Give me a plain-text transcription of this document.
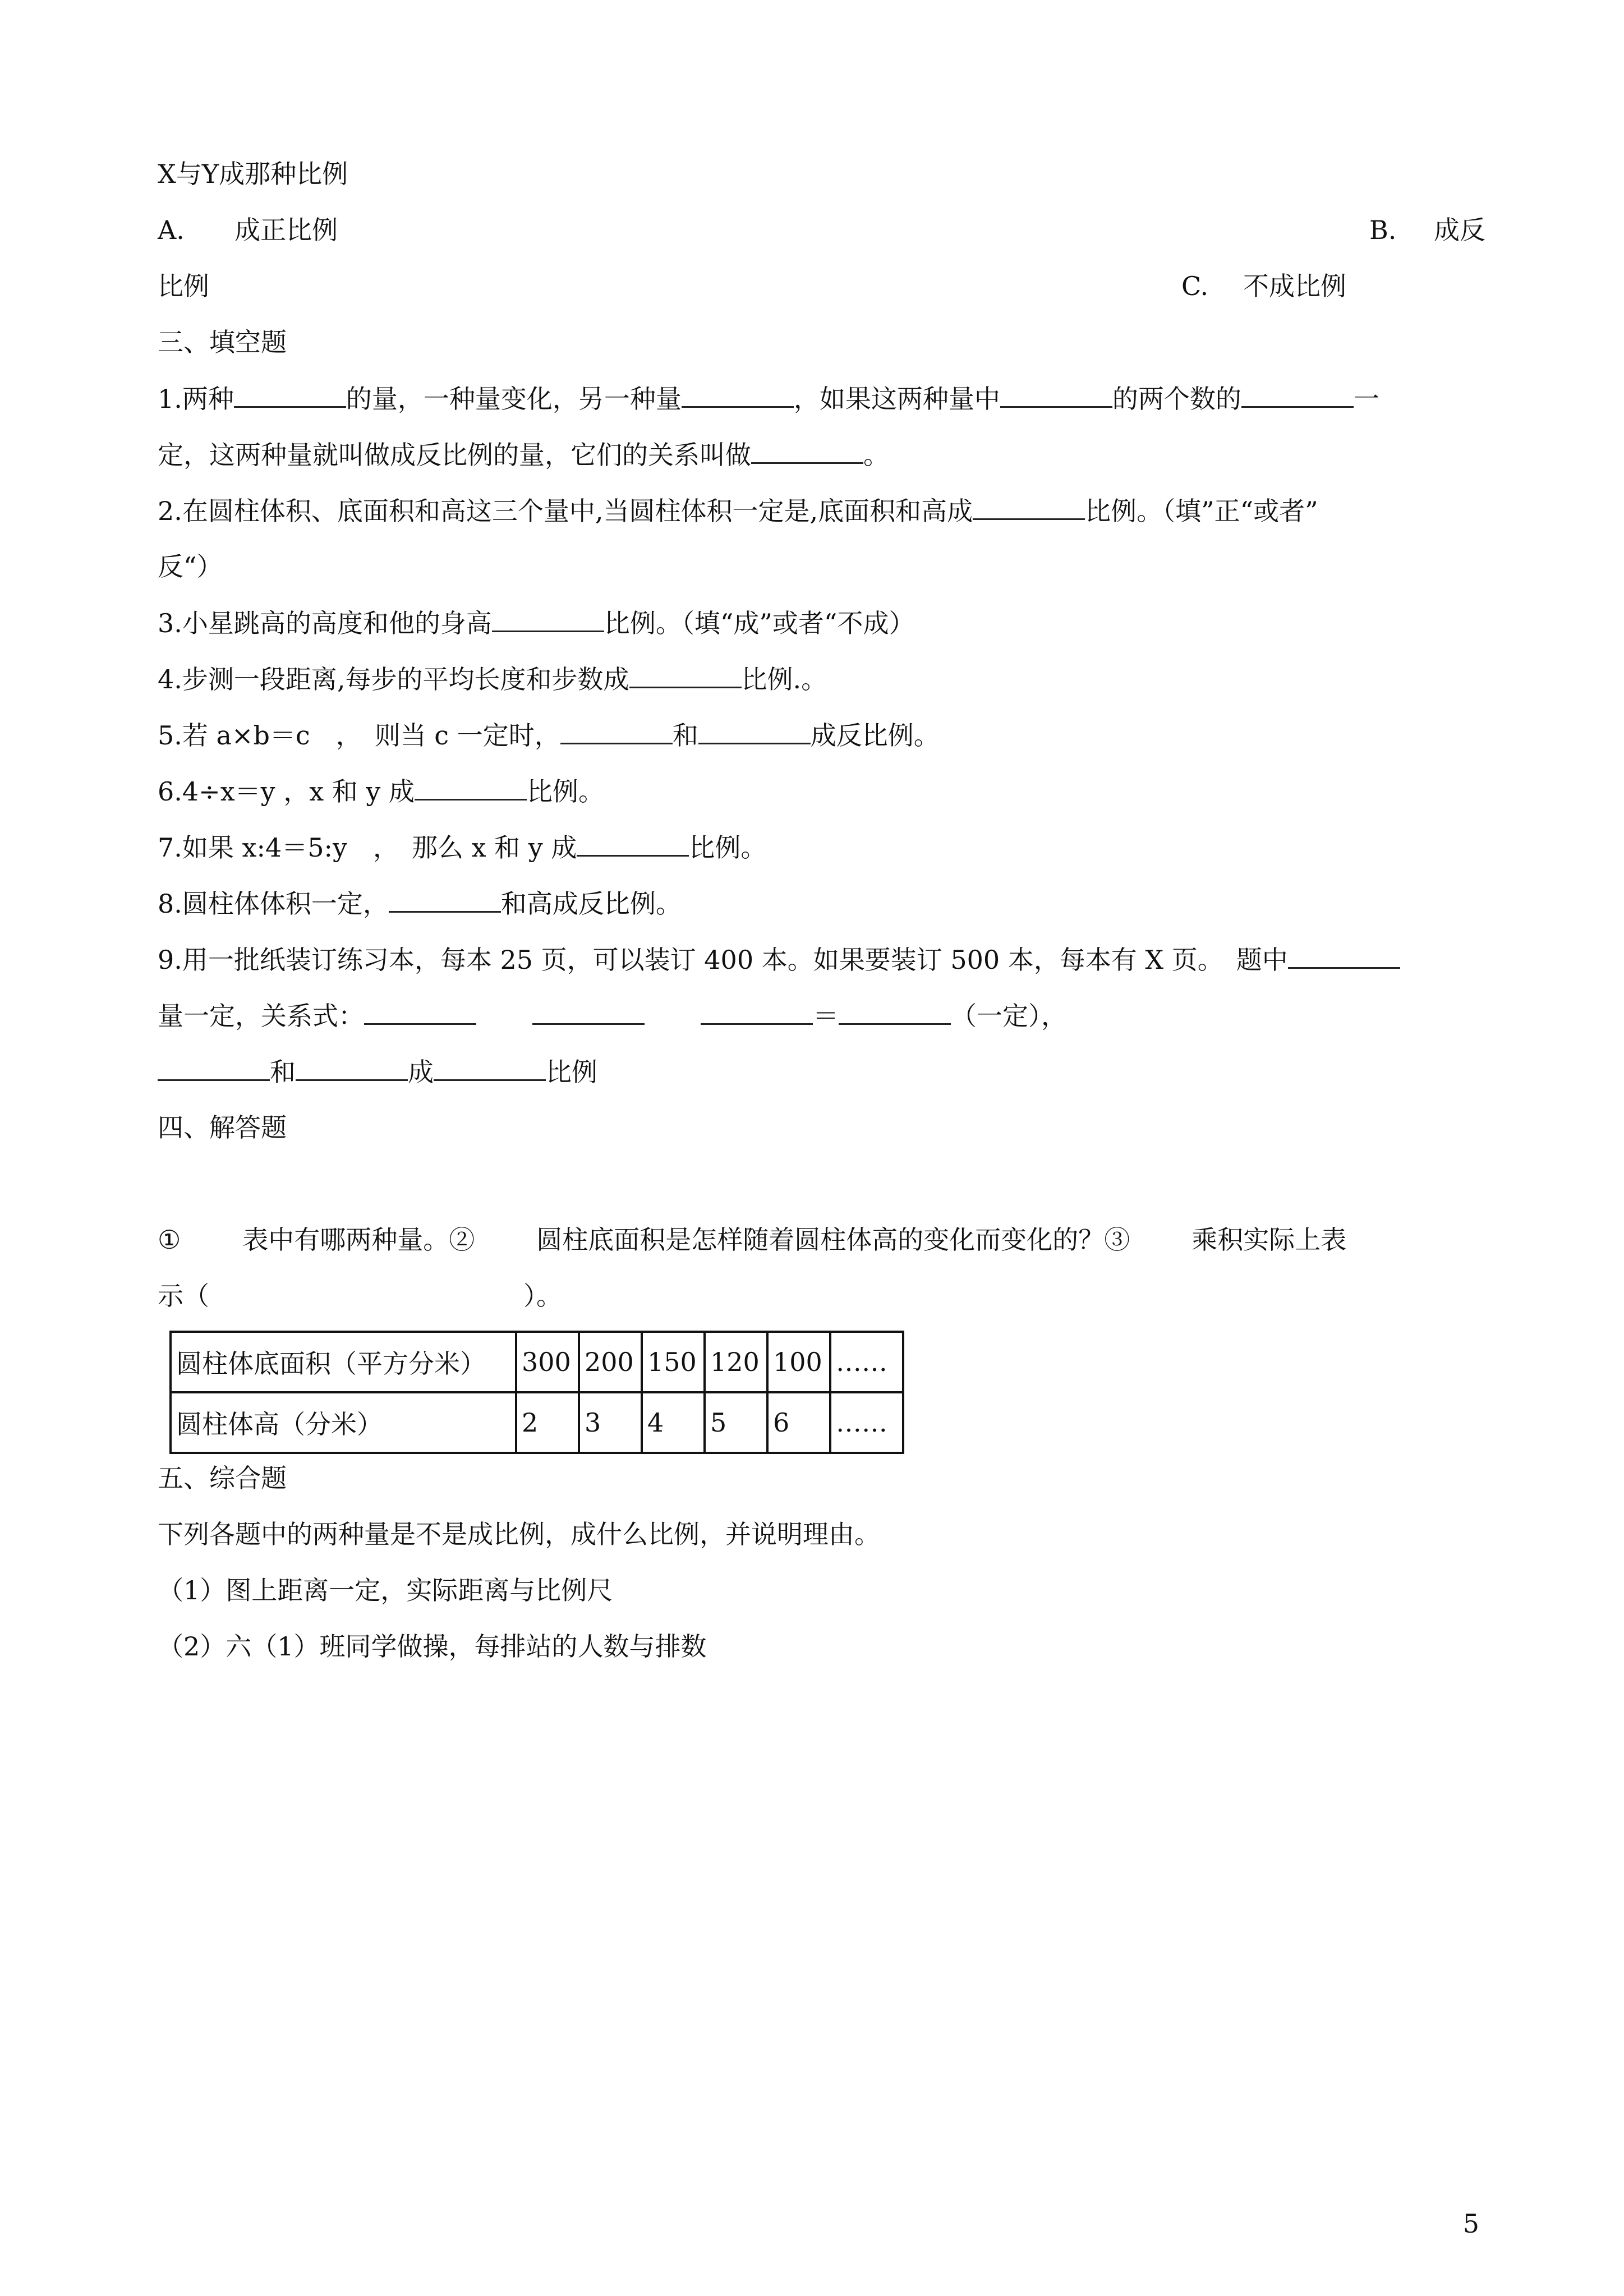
X与Y成那种比例
A. 成正比例	B. 成反
比例	C. 不成比例
三、填空题
1.两种	的量，一种量变化，另一种量	，如果这两种量中	的两个数的	一
定，这两种量就叫做成反比例的量，它们的关系叫做	。
2.在圆柱体积、底面积和高这三个量中,当圆柱体积一定是,底面积和高成	比例。（填”正“或者”
反“）
3.小星跳高的高度和他的身高	比例。（填“成”或者“不成）
4.步测一段距离,每步的平均长度和步数成	比例.。
5.若 a×b＝c　，　则当 c 一定时，	和	成反比例。
6.4÷x＝y ，x 和 y 成	比例。
7.如果 x:4＝5:y　，　那么 x 和 y 成	比例。
8.圆柱体体积一定，	和高成反比例。
9.用一批纸装订练习本，每本 25 页，可以装订 400 本。如果要装订 500 本，每本有 X 页。　题中
量一定，关系式：	＝	（一定），
和	成	比例
四、解答题
① 表中有哪两种量。② 圆柱底面积是怎样随着圆柱体高的变化而变化的？③ 乘积实际上表
示（	）。
圆柱体底面积（平方分米）	300	200	150	120	100	……
圆柱体高（分米）	2	3	4	5	6	……
五、综合题
下列各题中的两种量是不是成比例，成什么比例，并说明理由。
（1）图上距离一定，实际距离与比例尺
（2）六（1）班同学做操，每排站的人数与排数
5
